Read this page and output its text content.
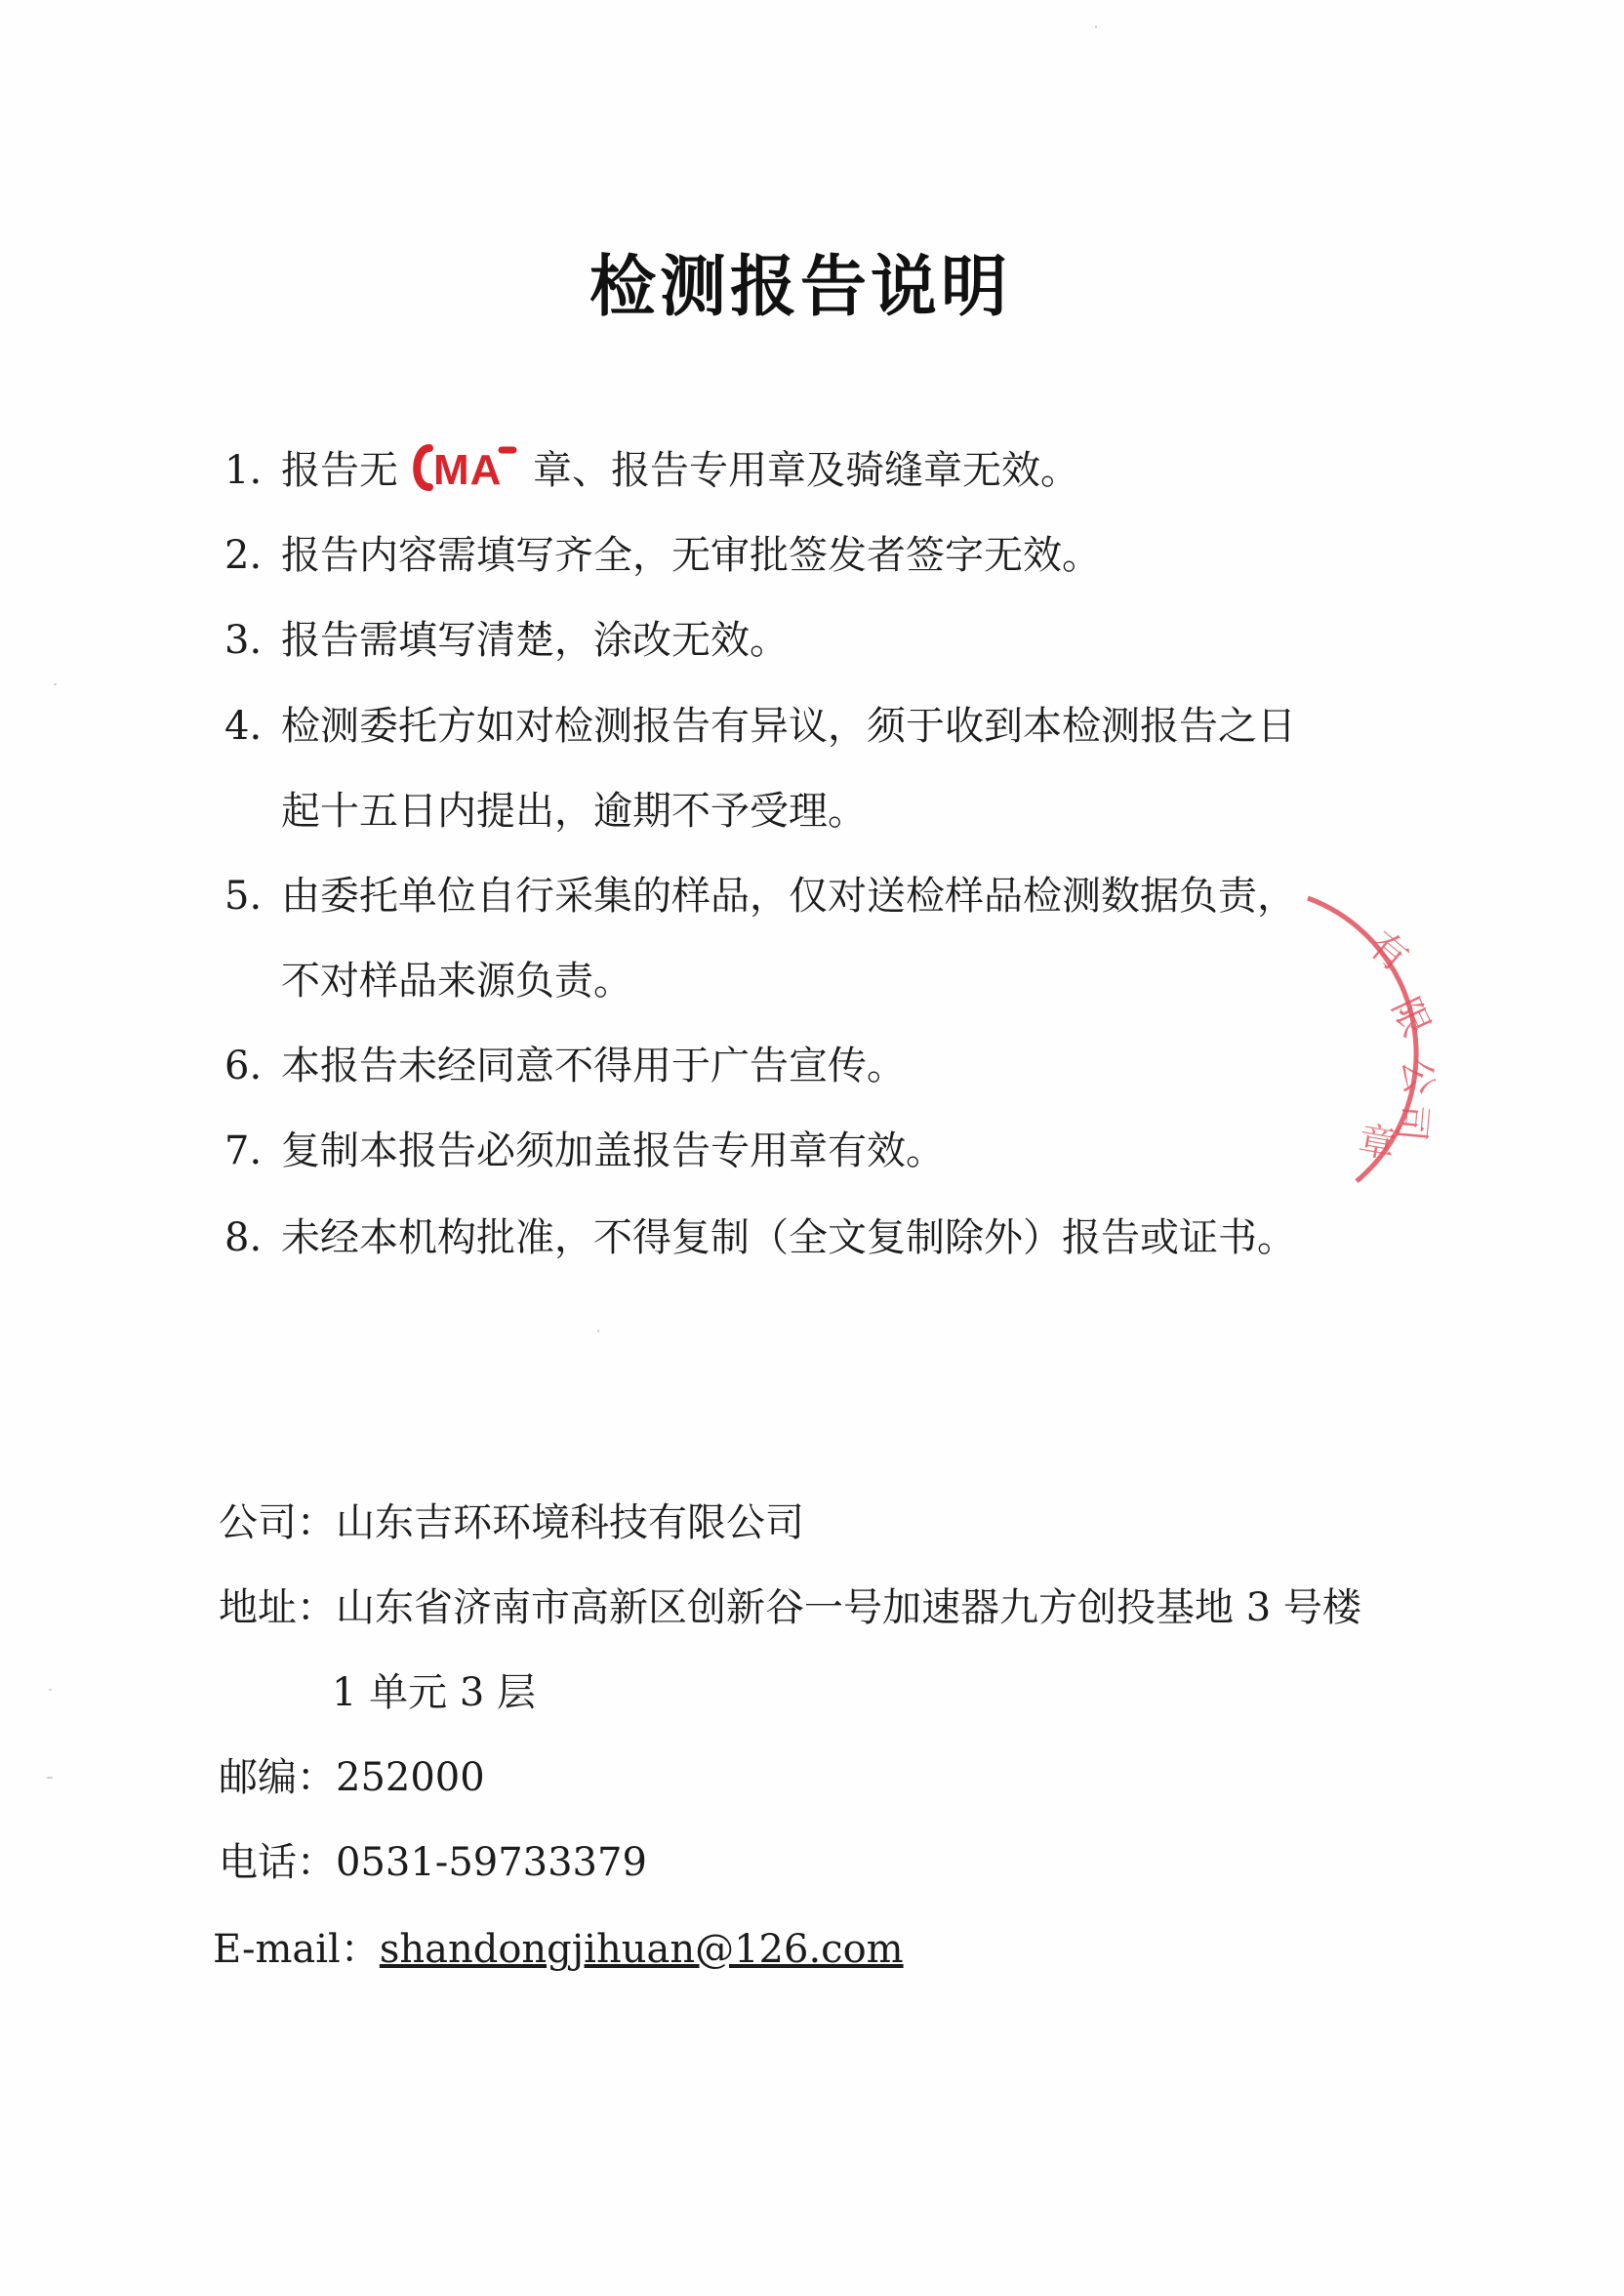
检测报告说明
1. 报告无 MA 章、报告专用章及骑缝章无效。
2. 报告内容需填写齐全，无审批签发者签字无效。
3. 报告需填写清楚，涂改无效。
4. 检测委托方如对检测报告有异议，须于收到本检测报告之日
起十五日内提出，逾期不予受理。
5. 由委托单位自行采集的样品，仅对送检样品检测数据负责，
不对样品来源负责。
6. 本报告未经同意不得用于广告宣传。
7. 复制本报告必须加盖报告专用章有效。
8. 未经本机构批准，不得复制（全文复制除外）报告或证书。
有
限
公
司
章
公司：山东吉环环境科技有限公司
地址：山东省济南市高新区创新谷一号加速器九方创投基地 3 号楼
1 单元 3 层
邮编：252000
电话：0531-59733379
E-mail：shandongjihuan@126.com
